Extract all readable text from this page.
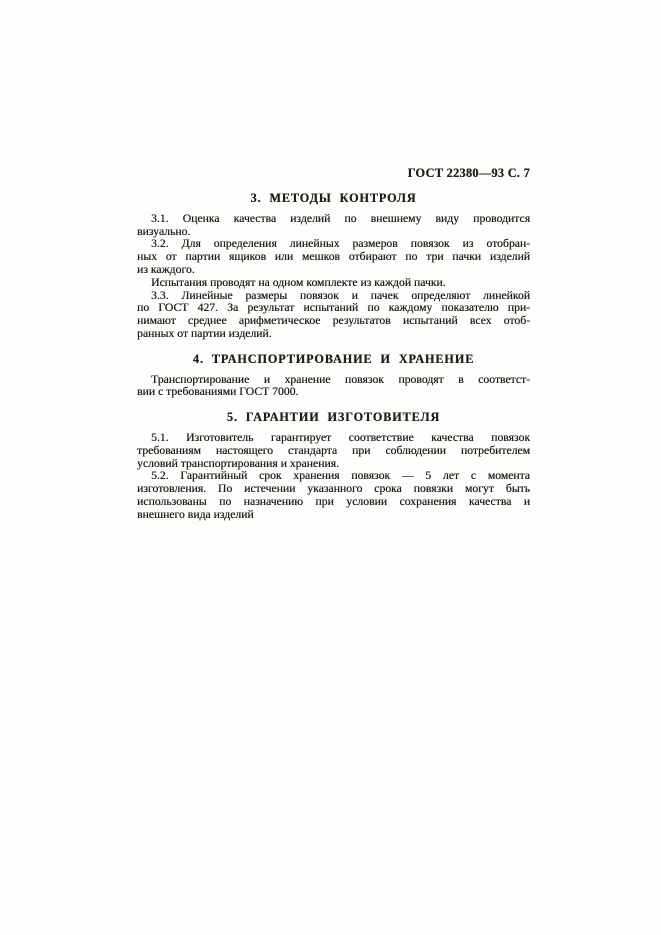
ГОСТ 22380—93 С. 7
3. МЕТОДЫ КОНТРОЛЯ
3.1. Оценка качества изделий по внешнему виду проводится
визуально.
3.2. Для определения линейных размеров повязок из отобран-
ных от партии ящиков или мешков отбирают по три пачки изделий
из каждого.
Испытания проводят на одном комплекте из каждой пачки.
3.3. Линейные размеры повязок и пачек определяют линейкой
по ГОСТ 427. За результат испытаний по каждому показателю при-
нимают среднее арифметическое результатов испытаний всех отоб-
ранных от партии изделий.
4. ТРАНСПОРТИРОВАНИЕ И ХРАНЕНИЕ
Транспортирование и хранение повязок проводят в соответст-
вии с требованиями ГОСТ 7000.
5. ГАРАНТИИ ИЗГОТОВИТЕЛЯ
5.1. Изготовитель гарантирует соответствие качества повязок
требованиям настоящего стандарта при соблюдении потребителем
условий транспортирования и хранения.
5.2. Гарантийный срок хранения повязок — 5 лет с момента
изготовления. По истечении указанного срока повязки могут быть
использованы по назначению при условии сохранения качества и
внешнего вида изделий
